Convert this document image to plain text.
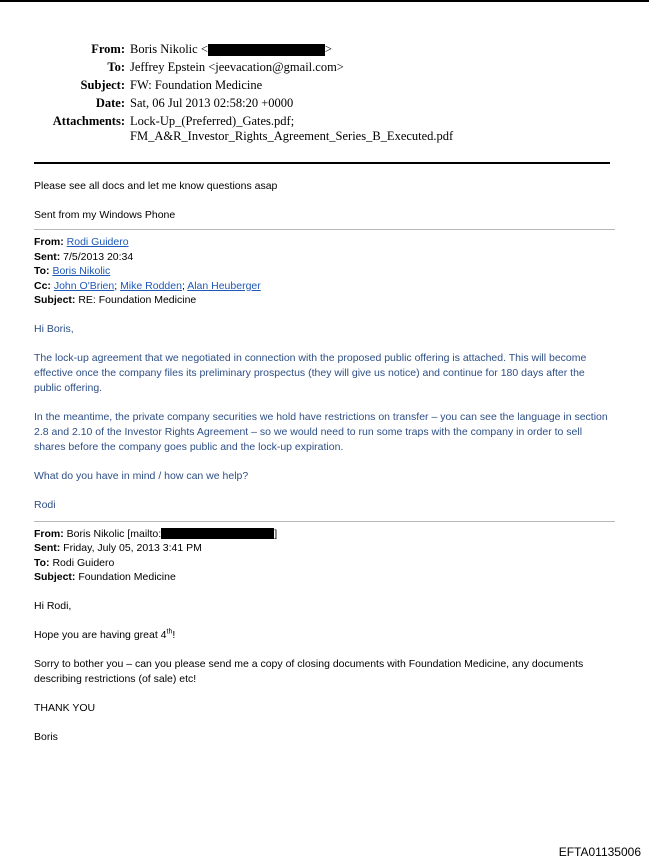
From: Boris Nikolic <	>
To: Jeffrey Epstein <jeevacation@gmail.com>
Subject: FW: Foundation Medicine
Date: Sat, 06 Jul 2013 02:58:20 +0000
Attachments: Lock-Up_(Preferred)_Gates.pdf;
FM_A&R_Investor_Rights_Agreement_Series_B_Executed.pdf

Please see all docs and let me know questions asap

Sent from my Windows Phone

From: Rodi Guidero
Sent: 7/5/2013 20:34
To: Boris Nikolic
Cc: John O'Brien; Mike Rodden; Alan Heuberger
Subject: RE: Foundation Medicine

Hi Boris,

The lock-up agreement that we negotiated in connection with the proposed public offering is attached. This will become effective once the company files its preliminary prospectus (they will give us notice) and continue for 180 days after the public offering.

In the meantime, the private company securities we hold have restrictions on transfer – you can see the language in section 2.8 and 2.10 of the Investor Rights Agreement – so we would need to run some traps with the company in order to sell shares before the company goes public and the lock-up expiration.

What do you have in mind / how can we help?

Rodi

From: Boris Nikolic [mailto:	]
Sent: Friday, July 05, 2013 3:41 PM
To: Rodi Guidero
Subject: Foundation Medicine

Hi Rodi,

Hope you are having great 4th!

Sorry to bother you – can you please send me a copy of closing documents with Foundation Medicine, any documents describing restrictions (of sale) etc!

THANK YOU

Boris

EFTA01135006
